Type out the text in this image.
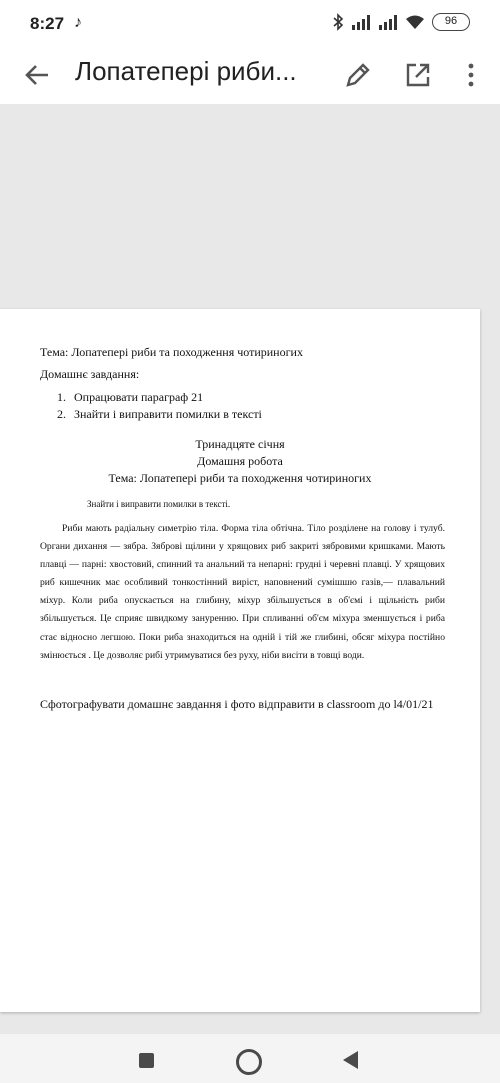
8:27 ♪	96
Лопатепері риби...
Тема: Лопатепері риби та походження чотириногих
Домашнє завдання:
1.
Опрацювати параграф 21
2.
Знайти і виправити помилки в тексті
Тринадцяте січня
Домашня робота
Тема: Лопатепері риби та походження чотириногих
Знайти і виправити помилки в тексті.
Риби мають радіальну симетрію тіла. Форма тіла обтічна. Тіло розділене на голову і тулуб. Органи дихання — зябра. Зяброві щілини у хрящових риб закриті зябровими кришками. Мають плавці — парні: хвостовий, спинний та анальний та непарні: грудні і черевні плавці. У хрящових риб кишечник має особливий тонкостінний виріст, наповнений сумішшю газів,— плавальний міхур. Коли риба опускається на глибину, міхур збільшується в об'ємі і щільність риби збільшується. Це сприяє швидкому зануренню. При спливанні об'єм міхура зменшується і риба стає відносно легшою. Поки риба знаходиться на одній і тій же глибині, обсяг міхура постійно змінюється . Це дозволяє рибі утримуватися без руху, ніби висіти в товщі води.
Сфотографувати домашнє завдання і фото відправити в classroom до l4/01/21
